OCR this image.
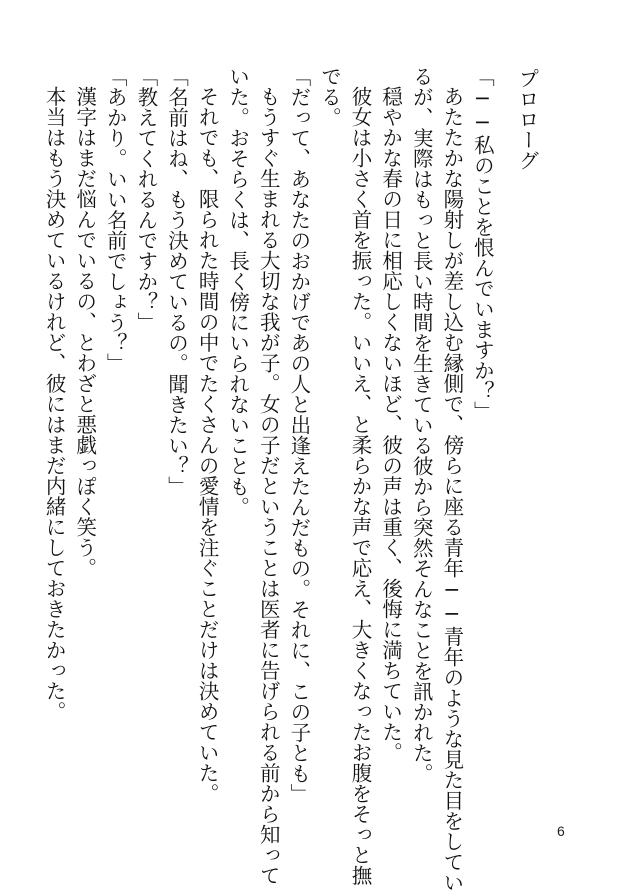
プロローグ
「──私のことを恨んでいますか？」
あたたかな陽射しが差し込む縁側で、傍らに座る青年──青年のような見た目をしてい
るが、実際はもっと長い時間を生きている彼から突然そんなことを訊かれた。
穏やかな春の日に相応しくないほど、彼の声は重く、後悔に満ちていた。
彼女は小さく首を振った。いいえ、と柔らかな声で応え、大きくなったお腹をそっと撫
でる。
「だって、あなたのおかげであの人と出逢えたんだもの。それに、この子とも」
もうすぐ生まれる大切な我が子。女の子だということは医者に告げられる前から知って
いた。おそらくは、長く傍にいられないことも。
それでも、限られた時間の中でたくさんの愛情を注ぐことだけは決めていた。
「名前はね、もう決めているの。聞きたい？」
「教えてくれるんですか？」
「あかり。いい名前でしょう？」
漢字はまだ悩んでいるの、とわざと悪戯っぽく笑う。
本当はもう決めているけれど、彼にはまだ内緒にしておきたかった。
6
